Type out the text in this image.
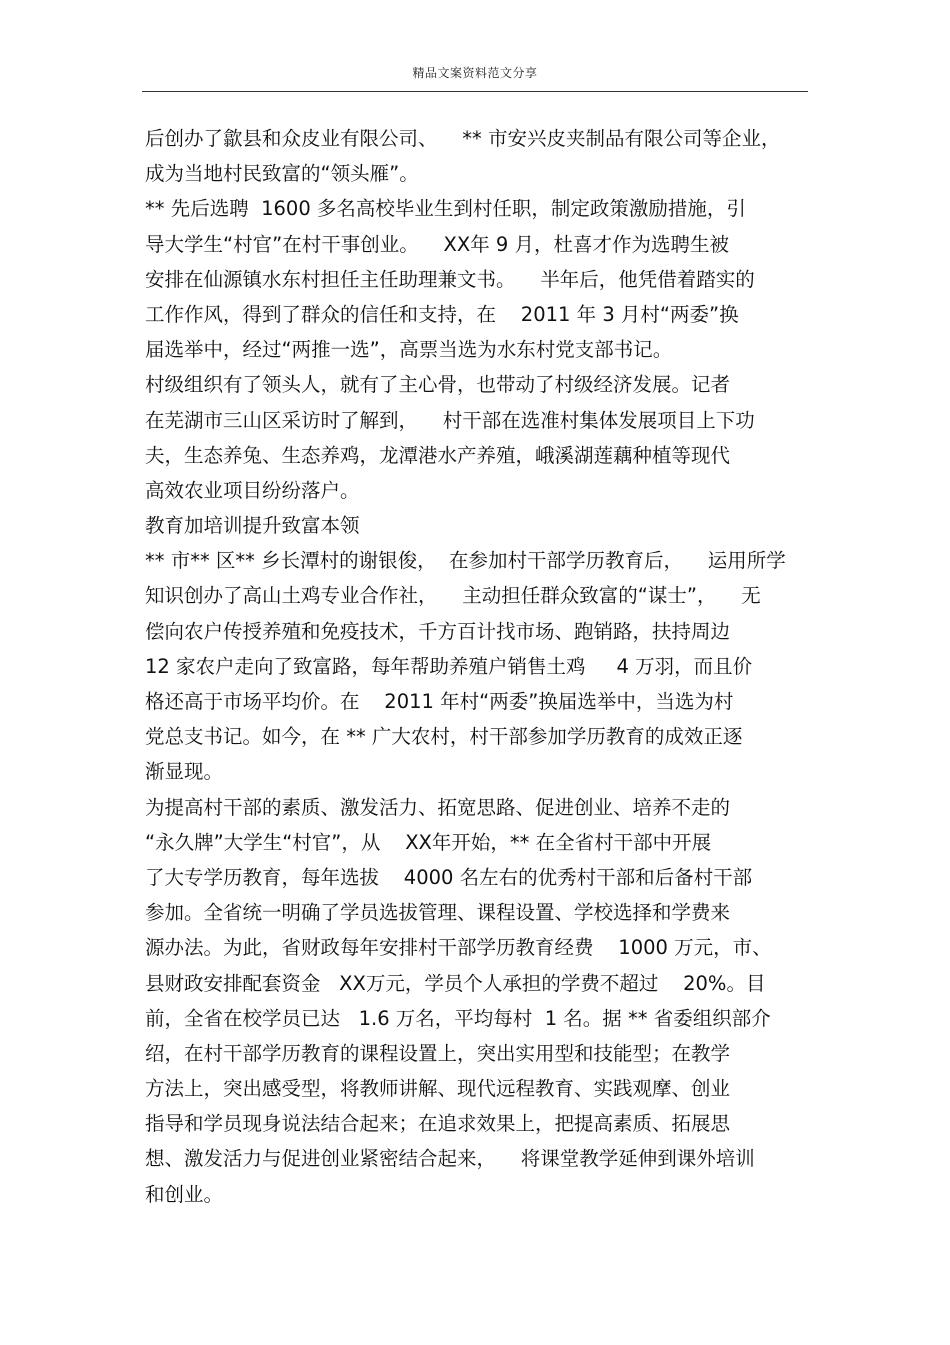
精品文案资料范文分享
后创办了歙县和众皮业有限公司、    ** 市安兴皮夹制品有限公司等企业，
成为当地村民致富的“领头雁”。
** 先后选聘  1600 多名高校毕业生到村任职，制定政策激励措施，引
导大学生“村官”在村干事创业。    XX年 9 月，杜喜才作为选聘生被
安排在仙源镇水东村担任主任助理兼文书。    半年后，他凭借着踏实的
工作作风，得到了群众的信任和支持，在    2011 年 3 月村“两委”换
届选举中，经过“两推一选”，高票当选为水东村党支部书记。
村级组织有了领头人，就有了主心骨，也带动了村级经济发展。记者
在芜湖市三山区采访时了解到，    村干部在选准村集体发展项目上下功
夫，生态养兔、生态养鸡，龙潭港水产养殖，峨溪湖莲藕种植等现代
高效农业项目纷纷落户。
教育加培训提升致富本领
** 市** 区** 乡长潭村的谢银俊，  在参加村干部学历教育后，    运用所学
知识创办了高山土鸡专业合作社，    主动担任群众致富的“谋士”，    无
偿向农户传授养殖和免疫技术，千方百计找市场、跑销路，扶持周边
12 家农户走向了致富路，每年帮助养殖户销售土鸡     4 万羽，而且价
格还高于市场平均价。在    2011 年村“两委”换届选举中，当选为村
党总支书记。如今，在 ** 广大农村，村干部参加学历教育的成效正逐
渐显现。
为提高村干部的素质、激发活力、拓宽思路、促进创业、培养不走的
“永久牌”大学生“村官”，从    XX年开始，** 在全省村干部中开展
了大专学历教育，每年选拔    4000 名左右的优秀村干部和后备村干部
参加。全省统一明确了学员选拔管理、课程设置、学校选择和学费来
源办法。为此，省财政每年安排村干部学历教育经费    1000 万元，市、
县财政安排配套资金   XX万元，学员个人承担的学费不超过    20%。目
前，全省在校学员已达   1.6 万名，平均每村  1 名。据 ** 省委组织部介
绍，在村干部学历教育的课程设置上，突出实用型和技能型；在教学
方法上，突出感受型，将教师讲解、现代远程教育、实践观摩、创业
指导和学员现身说法结合起来；在追求效果上，把提高素质、拓展思
想、激发活力与促进创业紧密结合起来，    将课堂教学延伸到课外培训
和创业。
